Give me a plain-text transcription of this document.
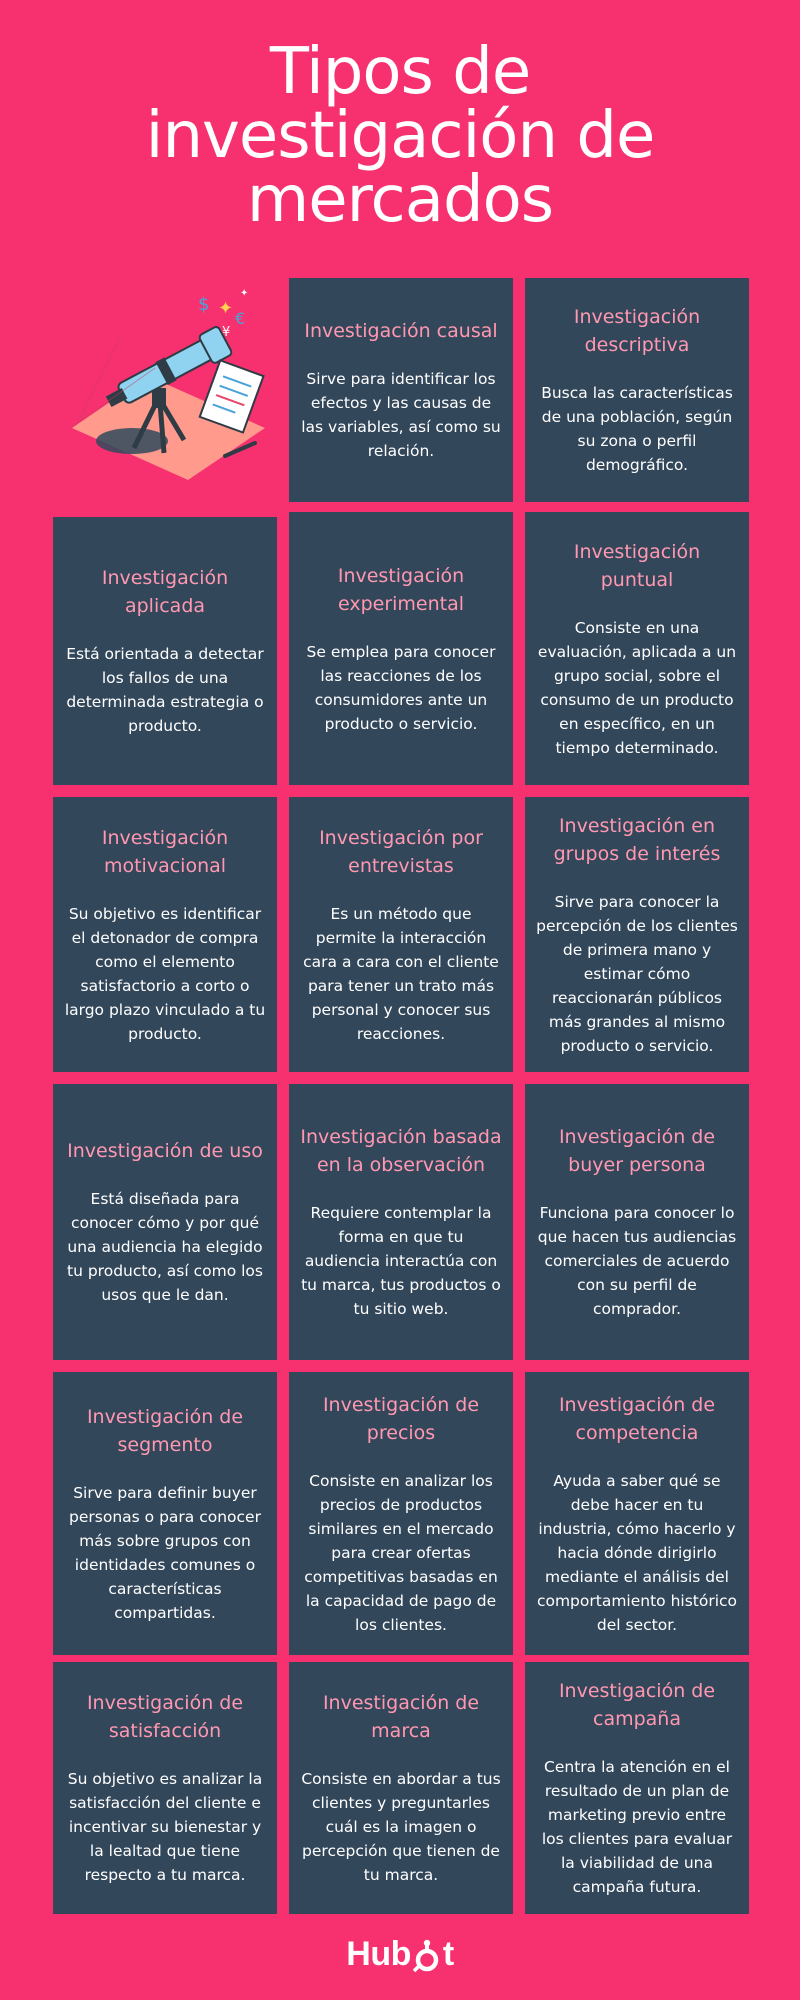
Tipos de
investigación de
mercados
$ ✦ €
¥
✦
Investigación causal
Sirve para identificar los efectos y las causas de las variables, así como su relación.
Investigación descriptiva
Busca las características de una población, según su zona o perfil demográfico.
Investigación aplicada
Está orientada a detectar los fallos de una determinada estrategia o producto.
Investigación experimental
Se emplea para conocer las reacciones de los consumidores ante un producto o servicio.
Investigación puntual
Consiste en una evaluación, aplicada a un grupo social, sobre el consumo de un producto en específico, en un tiempo determinado.
Investigación motivacional
Su objetivo es identificar el detonador de compra como el elemento satisfactorio a corto o largo plazo vinculado a tu producto.
Investigación por entrevistas
Es un método que permite la interacción cara a cara con el cliente para tener un trato más personal y conocer sus reacciones.
Investigación en grupos de interés
Sirve para conocer la percepción de los clientes de primera mano y estimar cómo reaccionarán públicos más grandes al mismo producto o servicio.
Investigación de uso
Está diseñada para conocer cómo y por qué una audiencia ha elegido tu producto, así como los usos que le dan.
Investigación basada en la observación
Requiere contemplar la forma en que tu audiencia interactúa con tu marca, tus productos o tu sitio web.
Investigación de buyer persona
Funciona para conocer lo que hacen tus audiencias comerciales de acuerdo con su perfil de comprador.
Investigación de segmento
Sirve para definir buyer personas o para conocer más sobre grupos con identidades comunes o características compartidas.
Investigación de precios
Consiste en analizar los precios de productos similares en el mercado para crear ofertas competitivas basadas en la capacidad de pago de los clientes.
Investigación de competencia
Ayuda a saber qué se debe hacer en tu industria, cómo hacerlo y hacia dónde dirigirlo mediante el análisis del comportamiento histórico del sector.
Investigación de satisfacción
Su objetivo es analizar la satisfacción del cliente e incentivar su bienestar y la lealtad que tiene respecto a tu marca.
Investigación de marca
Consiste en abordar a tus clientes y preguntarles cuál es la imagen o percepción que tienen de tu marca.
Investigación de campaña
Centra la atención en el resultado de un plan de marketing previo entre los clientes para evaluar la viabilidad de una campaña futura.
Hub t
